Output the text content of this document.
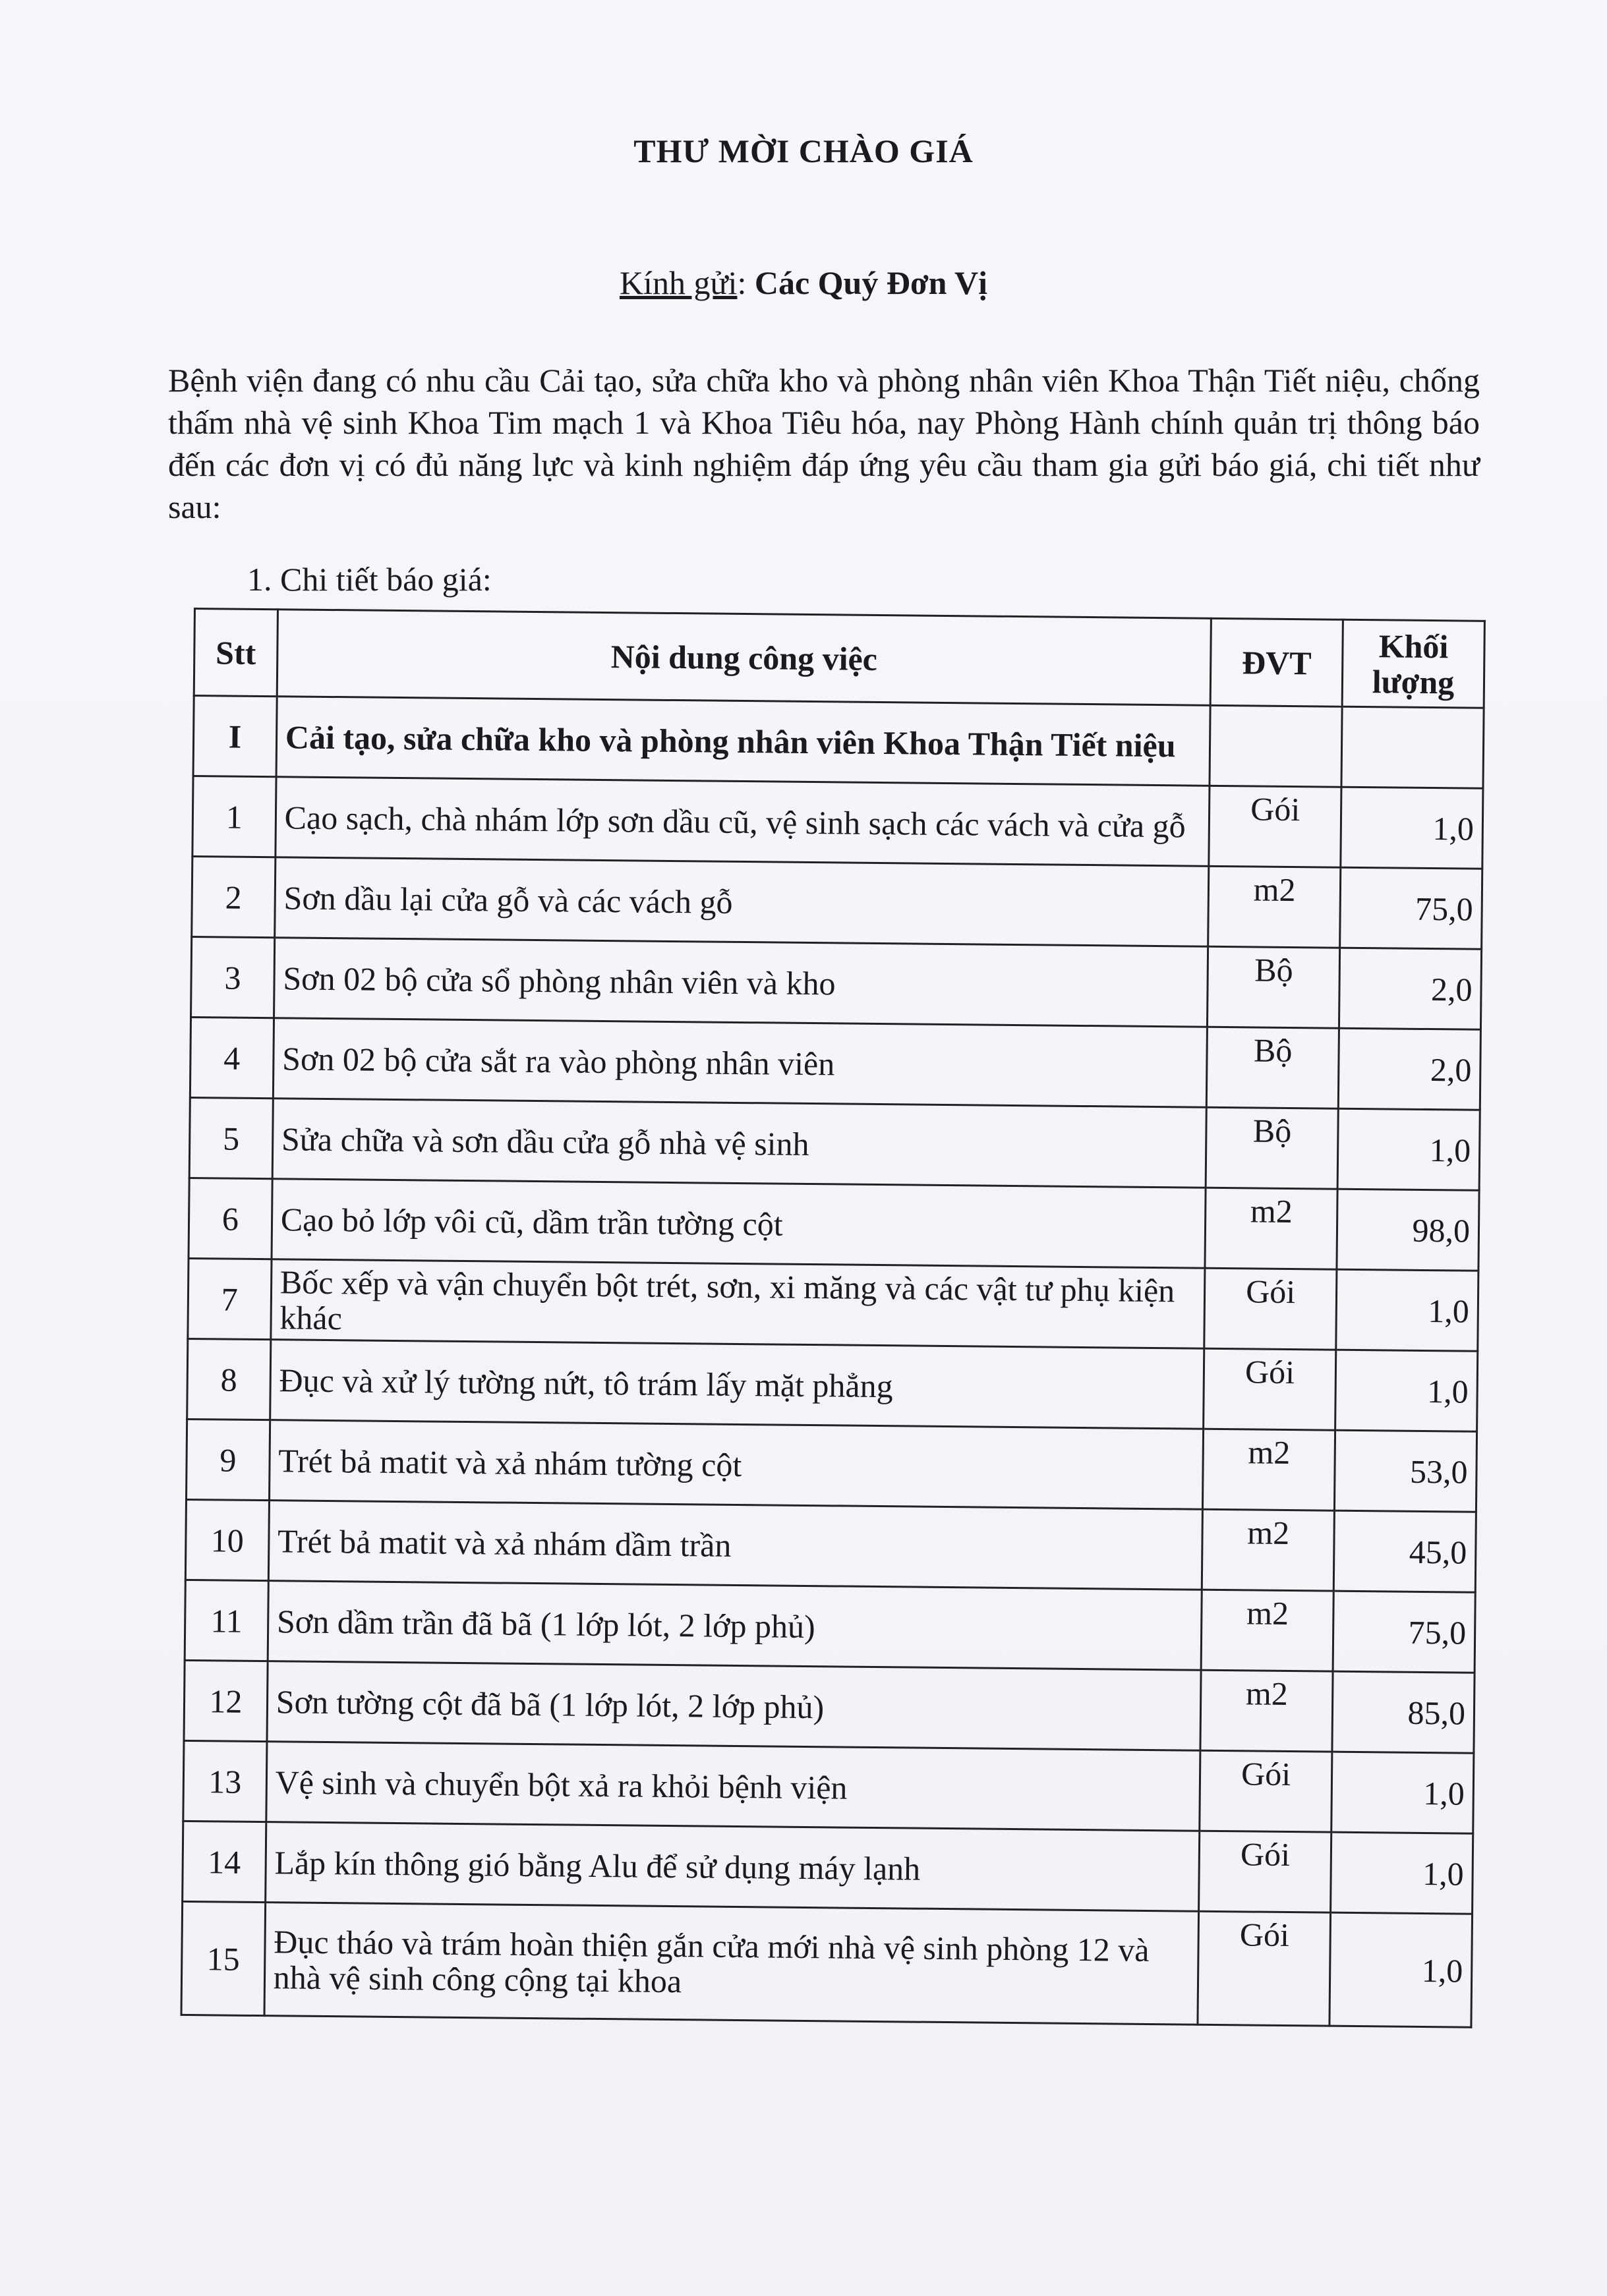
THƯ MỜI CHÀO GIÁ
Kính gửi: Các Quý Đơn Vị
Bệnh viện đang có nhu cầu Cải tạo, sửa chữa kho và phòng nhân viên Khoa Thận Tiết niệu, chống thấm nhà vệ sinh Khoa Tim mạch 1 và Khoa Tiêu hóa, nay Phòng Hành chính quản trị thông báo đến các đơn vị có đủ năng lực và kinh nghiệm đáp ứng yêu cầu tham gia gửi báo giá, chi tiết như sau:
1. Chi tiết báo giá:
Stt	Nội dung công việc	ĐVT	Khối lượng
I	Cải tạo, sửa chữa kho và phòng nhân viên Khoa Thận Tiết niệu		
1	Cạo sạch, chà nhám lớp sơn dầu cũ, vệ sinh sạch các vách và cửa gỗ	Gói	1,0
2	Sơn dầu lại cửa gỗ và các vách gỗ	m2	75,0
3	Sơn 02 bộ cửa sổ phòng nhân viên và kho	Bộ	2,0
4	Sơn 02 bộ cửa sắt ra vào phòng nhân viên	Bộ	2,0
5	Sửa chữa và sơn dầu cửa gỗ nhà vệ sinh	Bộ	1,0
6	Cạo bỏ lớp vôi cũ, dầm trần tường cột	m2	98,0
7	Bốc xếp và vận chuyển bột trét, sơn, xi măng và các vật tư phụ kiện khác	Gói	1,0
8	Đục và xử lý tường nứt, tô trám lấy mặt phẳng	Gói	1,0
9	Trét bả matit và xả nhám tường cột	m2	53,0
10	Trét bả matit và xả nhám dầm trần	m2	45,0
11	Sơn dầm trần đã bã (1 lớp lót, 2 lớp phủ)	m2	75,0
12	Sơn tường cột đã bã (1 lớp lót, 2 lớp phủ)	m2	85,0
13	Vệ sinh và chuyển bột xả ra khỏi bệnh viện	Gói	1,0
14	Lắp kín thông gió bằng Alu để sử dụng máy lạnh	Gói	1,0
15	Đục tháo và trám hoàn thiện gắn cửa mới nhà vệ sinh phòng 12 và nhà vệ sinh công cộng tại khoa	Gói	1,0
